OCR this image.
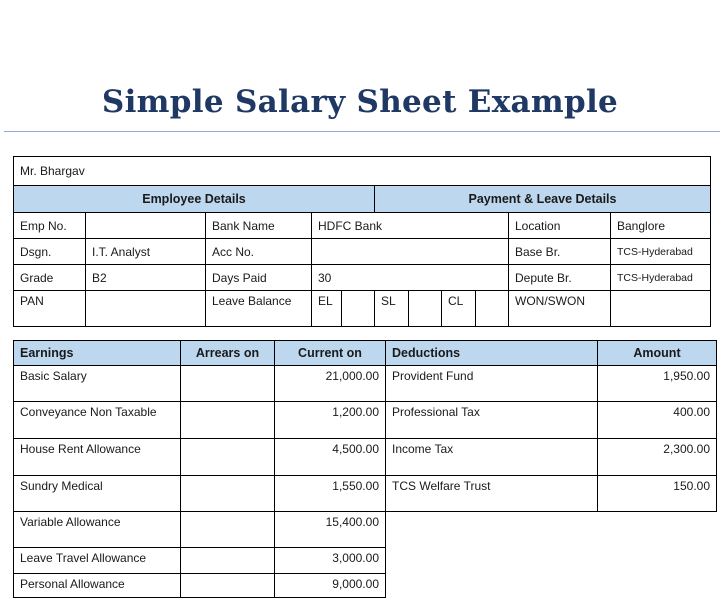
Simple Salary Sheet Example
Mr. Bhargav										
Employee Details					Payment & Leave Details					
Emp No.		Bank Name	HDFC Bank						Location	Banglore
Dsgn.	I.T. Analyst	Acc No.							Base Br.	TCS-Hyderabad
Grade	B2	Days Paid	30						Depute Br.	TCS-Hyderabad
PAN		Leave Balance	EL		SL		CL		WON/SWON	
Earnings	Arrears on	Current on	Deductions	Amount
Basic Salary		21,000.00	Provident Fund	1,950.00
Conveyance Non Taxable		1,200.00	Professional Tax	400.00
House Rent Allowance		4,500.00	Income Tax	2,300.00
Sundry Medical		1,550.00	TCS Welfare Trust	150.00
Variable Allowance		15,400.00		
Leave Travel Allowance		3,000.00		
Personal Allowance		9,000.00		
